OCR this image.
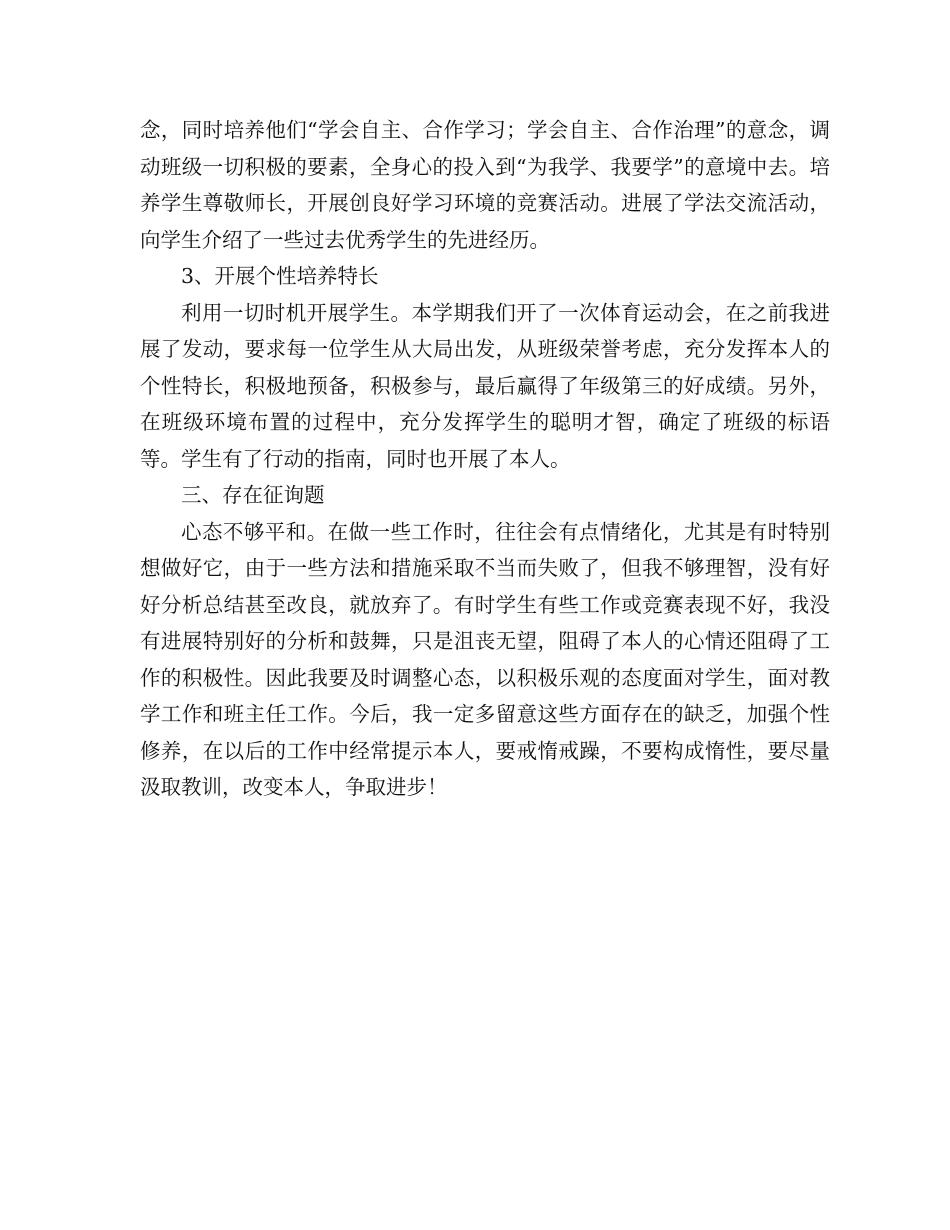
念，同时培养他们“学会自主、合作学习；学会自主、合作治理”的意念，调动班级一切积极的要素，全身心的投入到“为我学、我要学”的意境中去。培养学生尊敬师长，开展创良好学习环境的竞赛活动。进展了学法交流活动，向学生介绍了一些过去优秀学生的先进经历。

3、开展个性培养特长

利用一切时机开展学生。本学期我们开了一次体育运动会，在之前我进展了发动，要求每一位学生从大局出发，从班级荣誉考虑，充分发挥本人的个性特长，积极地预备，积极参与，最后赢得了年级第三的好成绩。另外，在班级环境布置的过程中，充分发挥学生的聪明才智，确定了班级的标语等。学生有了行动的指南，同时也开展了本人。

三、存在征询题

心态不够平和。在做一些工作时，往往会有点情绪化，尤其是有时特别想做好它，由于一些方法和措施采取不当而失败了，但我不够理智，没有好好分析总结甚至改良，就放弃了。有时学生有些工作或竞赛表现不好，我没有进展特别好的分析和鼓舞，只是沮丧无望，阻碍了本人的心情还阻碍了工作的积极性。因此我要及时调整心态，以积极乐观的态度面对学生，面对教学工作和班主任工作。今后，我一定多留意这些方面存在的缺乏，加强个性修养，在以后的工作中经常提示本人，要戒惰戒躁，不要构成惰性，要尽量汲取教训，改变本人，争取进步！
